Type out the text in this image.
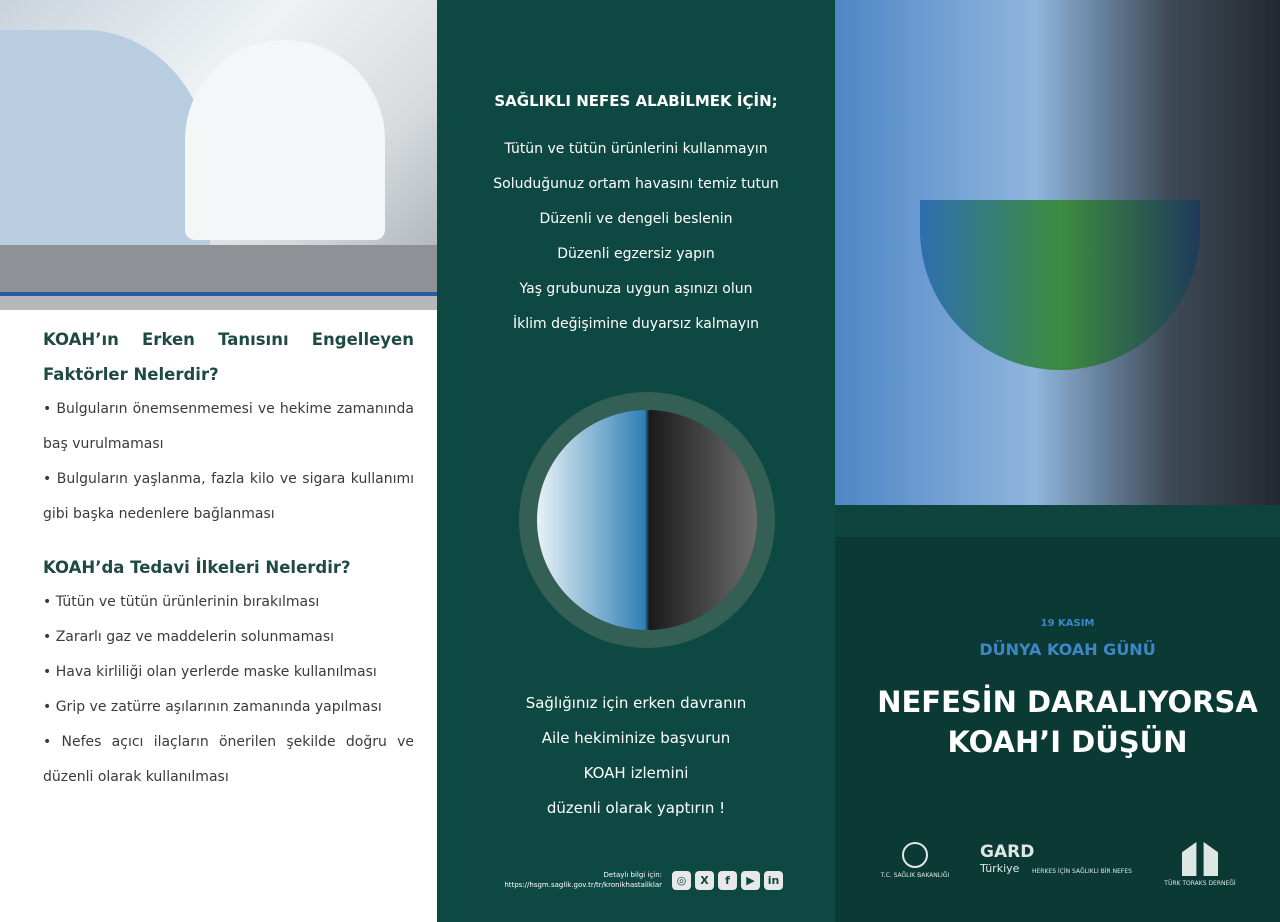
KOAH’ın Erken Tanısını Engelleyen Faktörler Nelerdir?

• Bulguların önemsenmemesi ve hekime zamanında baş vurulmaması

• Bulguların yaşlanma, fazla kilo ve sigara kullanımı gibi başka nedenlere bağlanması

KOAH’da Tedavi İlkeleri Nelerdir?

• Tütün ve tütün ürünlerinin bırakılması

• Zararlı gaz ve maddelerin solunmaması

• Hava kirliliği olan yerlerde maske kullanılması

• Grip ve zatürre aşılarının zamanında yapılması

• Nefes açıcı ilaçların önerilen şekilde doğru ve düzenli olarak kullanılması

SAĞLIKLI NEFES ALABİLMEK İÇİN;
Tütün ve tütün ürünlerini kullanmayın
Soluduğunuz ortam havasını temiz tutun
Düzenli ve dengeli beslenin
Düzenli egzersiz yapın
Yaş grubunuza uygun aşınızı olun
İklim değişimine duyarsız kalmayın
Sağlığınız için erken davranın
Aile hekiminize başvurun
KOAH izlemini
düzenli olarak yaptırın !
Detaylı bilgi için:
https://hsgm.saglik.gov.tr/tr/kronikhastaliklar	◎	X	f	▶	in
19 KASIM
DÜNYA KOAH GÜNÜ
NEFESİN DARALIYORSA
KOAH’I DÜŞÜN
T.C. SAĞLIK BAKANLIĞI
GARD
Türkiye	HERKES İÇİN SAĞLIKLI BİR NEFES
TÜRK TORAKS DERNEĞİ
